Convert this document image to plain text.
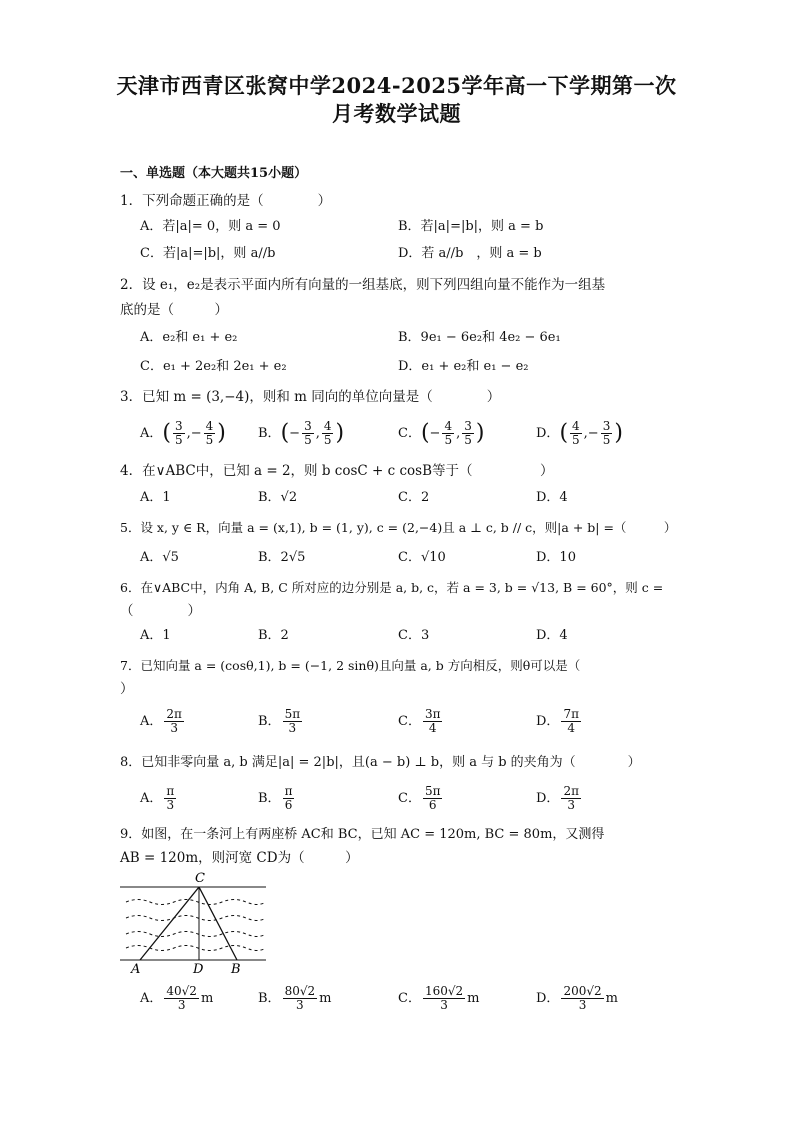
天津市西青区张窝中学2024-2025学年高一下学期第一次
月考数学试题
一、单选题（本大题共15小题）
1．下列命题正确的是（　　　　）
A．若|a|= 0，则 a = 0	B．若|a|=|b|，则 a = b
C．若|a|=|b|，则 a//b	D．若 a//b　，则 a = b
2．设 e₁，e₂是表示平面内所有向量的一组基底，则下列四组向量不能作为一组基
底的是（　　　）
A．e₂和 e₁ + e₂	B．9e₁ − 6e₂和 4e₂ − 6e₁
C．e₁ + 2e₂和 2e₁ + e₂	D．e₁ + e₂和 e₁ − e₂
3．已知 m = (3,−4)，则和 m 同向的单位向量是（　　　　）
A．( $\frac{3}{5}$ ,− $\frac{4}{5}$ ) B．(− $\frac{3}{5}$ , $\frac{4}{5}$ )	C．(− $\frac{4}{5}$ , $\frac{3}{5}$ )	D．( $\frac{4}{5}$ ,− $\frac{3}{5}$ )
4．在∨ABC中，已知 a = 2，则 b cosC + c cosB等于（　　　　　）
A．1	B．√2	C．2	D．4
5．设 x, y ∈ R，向量 a = (x,1), b = (1, y), c = (2,−4)且 a ⊥ c, b // c，则|a + b| =（　　　）
A．√5	B．2√5	C．√10	D．10
6．在∨ABC中，内角 A, B, C 所对应的边分别是 a, b, c，若 a = 3, b = √13, B = 60°，则 c =
（　　　　）
A．1	B．2	C．3	D．4
7．已知向量 a = (cosθ,1), b = (−1, 2 sinθ)且向量 a, b 方向相反，则θ可以是（
）
A． $\frac{2\pi}{3}$	B． $\frac{5\pi}{3}$	C． $\frac{3\pi}{4}$	D． $\frac{7\pi}{4}$
8．已知非零向量 a, b 满足|a| = 2|b|，且(a − b) ⊥ b，则 a 与 b 的夹角为（　　　　）
A． $\frac{\pi}{3}$	B． $\frac{\pi}{6}$	C． $\frac{5\pi}{6}$	D． $\frac{2\pi}{3}$
9．如图，在一条河上有两座桥 AC和 BC，已知 AC = 120m, BC = 80m，又测得
AB = 120m，则河宽 CD为（　　　）
C
A	D B
A． $\frac{40√2}{3}$ m	B． $\frac{80√2}{3}$ m	C． $\frac{160√2}{3}$ m	D． $\frac{200√2}{3}$ m
